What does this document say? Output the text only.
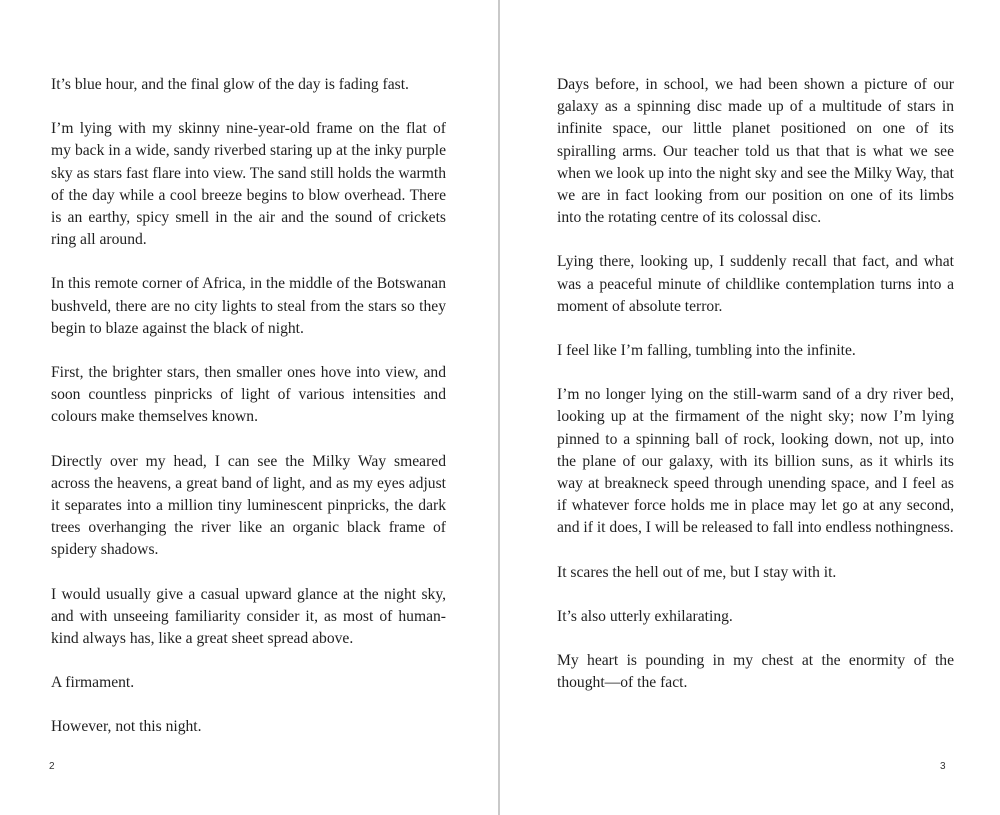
It’s blue hour, and the final glow of the day is fading fast.

I’m lying with my skinny nine-year-old frame on the flat of my back in a wide, sandy riverbed staring up at the inky purple sky as stars fast flare into view. The sand still holds the warmth of the day while a cool breeze begins to blow overhead. There is an earthy, spicy smell in the air and the sound of crickets ring all around.

In this remote corner of Africa, in the middle of the Botswanan bushveld, there are no city lights to steal from the stars so they begin to blaze against the black of night.

First, the brighter stars, then smaller ones hove into view, and soon countless pinpricks of light of various intensities and colours make themselves known.

Directly over my head, I can see the Milky Way smeared across the heavens, a great band of light, and as my eyes adjust it separates into a million tiny luminescent pinpricks, the dark trees overhanging the river like an organic black frame of spidery shadows.

I would usually give a casual upward glance at the night sky, and with unseeing familiarity consider it, as most of humankind always has, like a great sheet spread above.

A firmament.

However, not this night.

2

Days before, in school, we had been shown a picture of our galaxy as a spinning disc made up of a multitude of stars in infinite space, our little planet positioned on one of its spiralling arms. Our teacher told us that that is what we see when we look up into the night sky and see the Milky Way, that we are in fact looking from our position on one of its limbs into the rotating centre of its colossal disc.

Lying there, looking up, I suddenly recall that fact, and what was a peaceful minute of childlike contemplation turns into a moment of absolute terror.

I feel like I’m falling, tumbling into the infinite.

I’m no longer lying on the still-warm sand of a dry river bed, looking up at the firmament of the night sky; now I’m lying pinned to a spinning ball of rock, looking down, not up, into the plane of our galaxy, with its billion suns, as it whirls its way at breakneck speed through unending space, and I feel as if whatever force holds me in place may let go at any second, and if it does, I will be released to fall into endless nothingness.

It scares the hell out of me, but I stay with it.

It’s also utterly exhilarating.

My heart is pounding in my chest at the enormity of the thought—of the fact.

3
